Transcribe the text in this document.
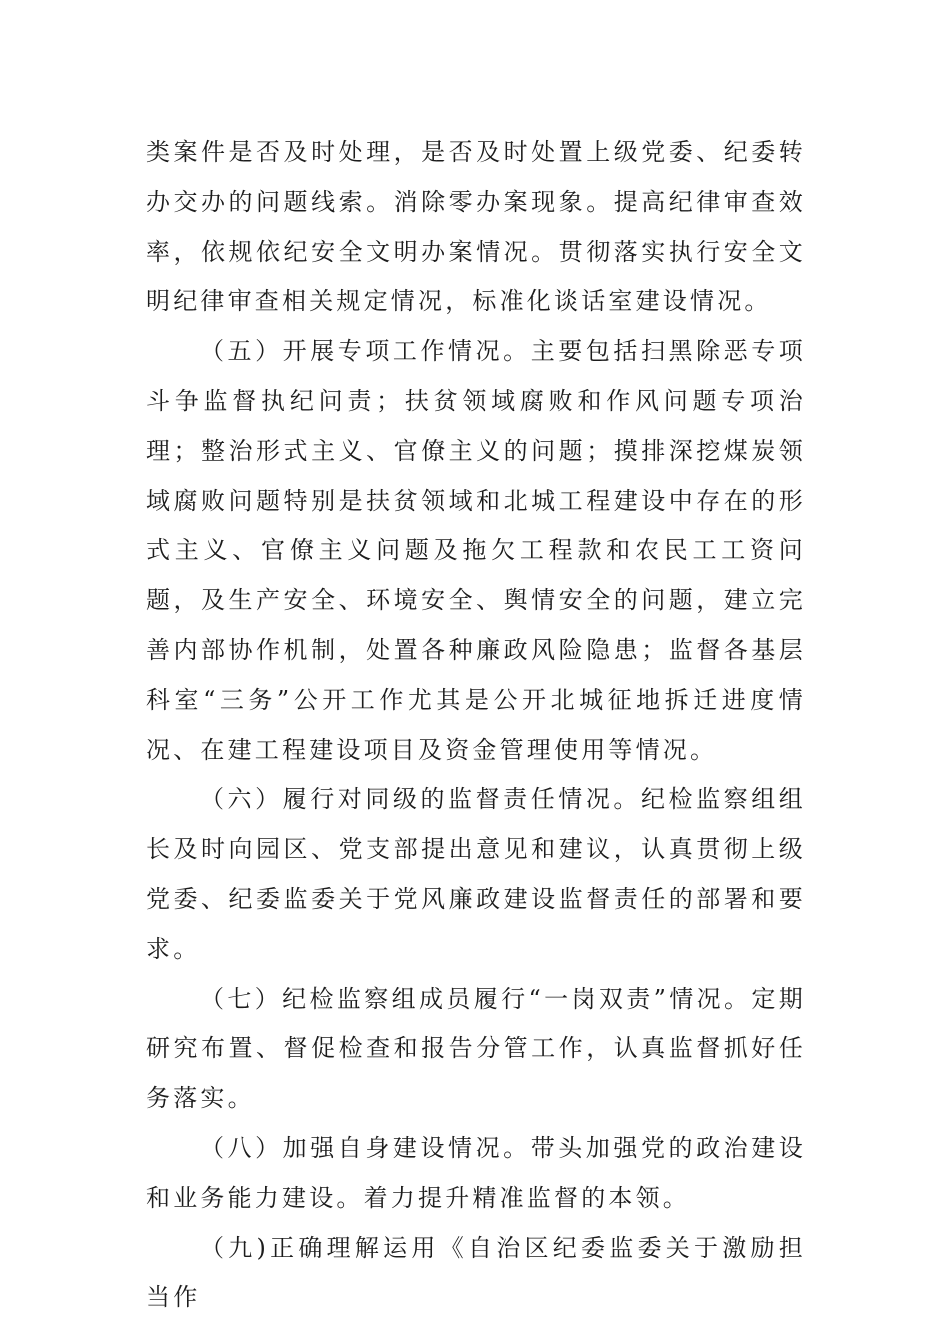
类案件是否及时处理，是否及时处置上级党委、纪委转办交办的问题线索。消除零办案现象。提高纪律审查效率，依规依纪安全文明办案情况。贯彻落实执行安全文明纪律审查相关规定情况，标准化谈话室建设情况。

（五）开展专项工作情况。主要包括扫黑除恶专项斗争监督执纪问责；扶贫领域腐败和作风问题专项治理；整治形式主义、官僚主义的问题；摸排深挖煤炭领域腐败问题特别是扶贫领域和北城工程建设中存在的形式主义、官僚主义问题及拖欠工程款和农民工工资问题，及生产安全、环境安全、舆情安全的问题，建立完善内部协作机制，处置各种廉政风险隐患；监督各基层科室“三务”公开工作尤其是公开北城征地拆迁进度情况、在建工程建设项目及资金管理使用等情况。

（六）履行对同级的监督责任情况。纪检监察组组长及时向园区、党支部提出意见和建议，认真贯彻上级党委、纪委监委关于党风廉政建设监督责任的部署和要求。

（七）纪检监察组成员履行“一岗双责”情况。定期研究布置、督促检查和报告分管工作，认真监督抓好任务落实。

（八）加强自身建设情况。带头加强党的政治建设和业务能力建设。着力提升精准监督的本领。

（九)正确理解运用《自治区纪委监委关于激励担当作
